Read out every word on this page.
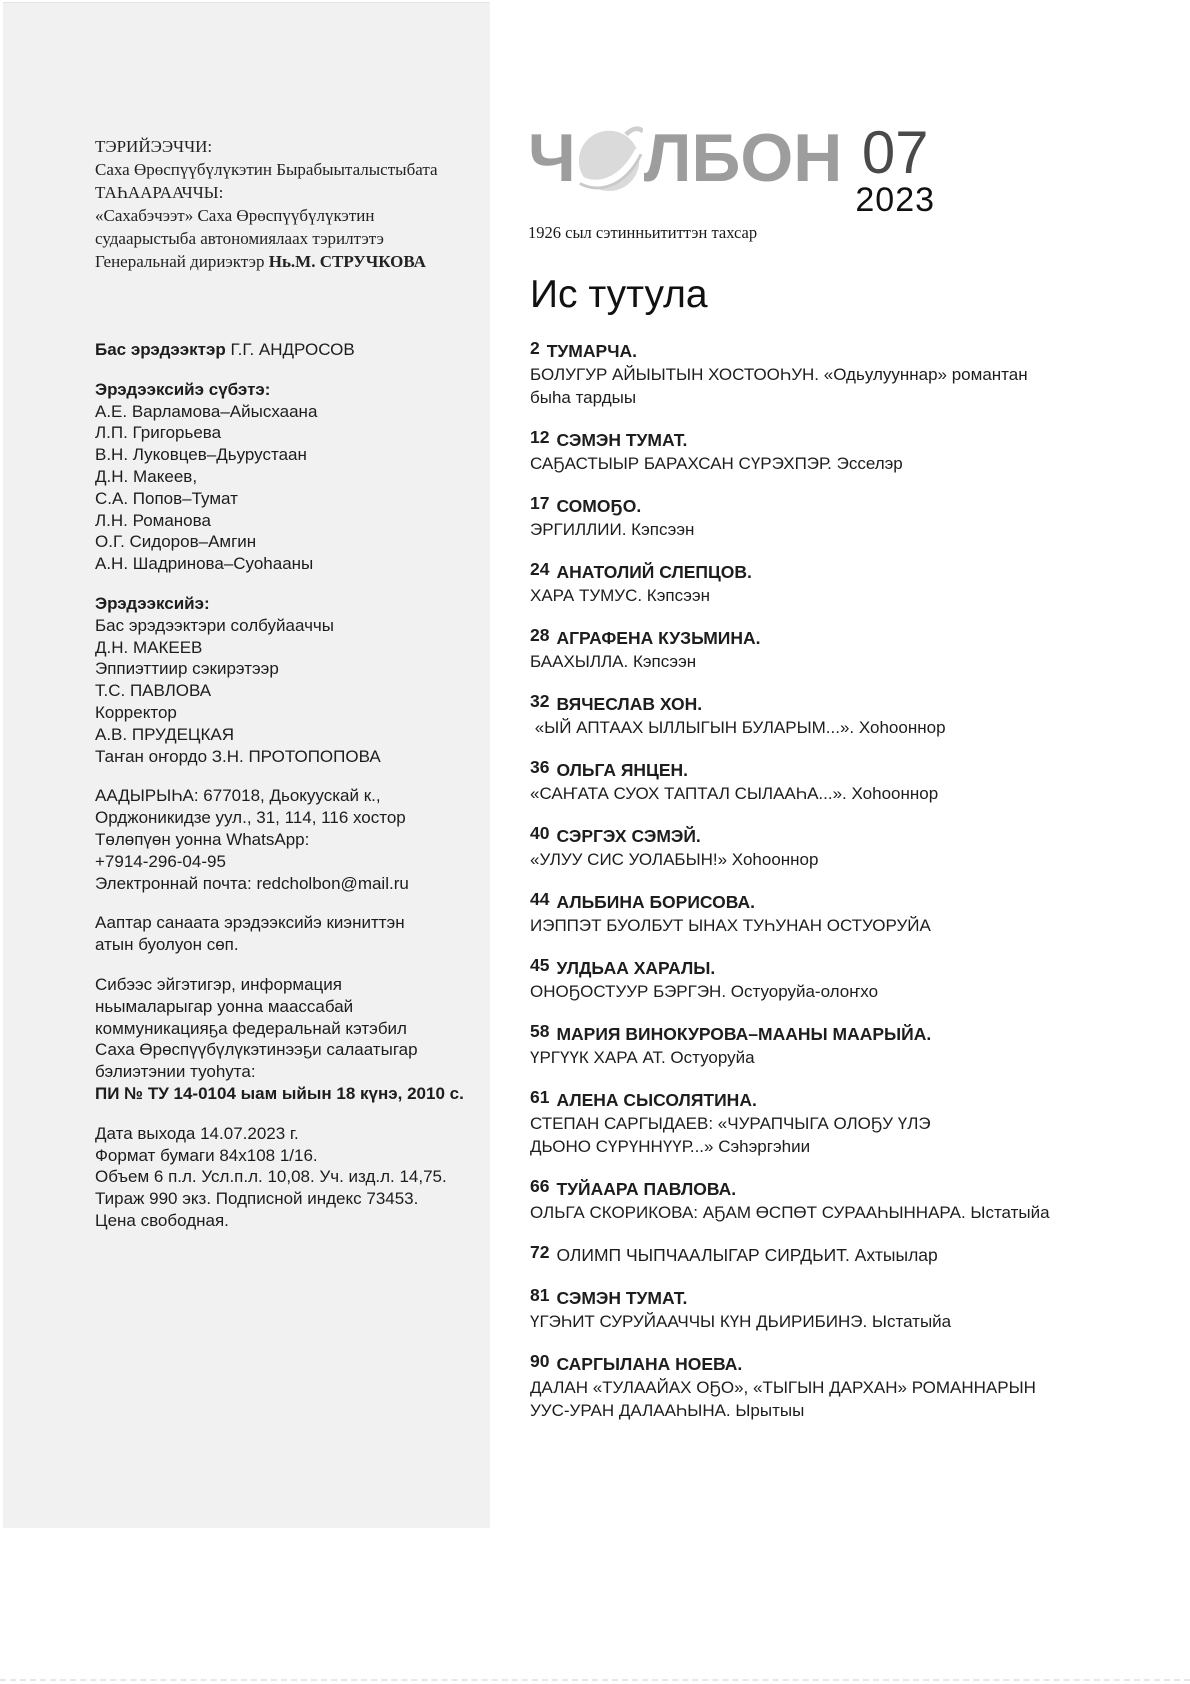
ТЭРИЙЭЭЧЧИ:

Саха Өрөспүүбүлүкэтин Бырабыыталыстыбата

ТАҺААРААЧЧЫ:

«Сахабэчээт» Саха Өрөспүүбүлүкэтин

судаарыстыба автономиялаах тэрилтэтэ

Генеральнай дириэктэр Нь.М. СТРУЧКОВА

Бас эрэдээктэр Г.Г. АНДРОСОВ

Эрэдээксийэ сүбэтэ:

А.Е. Варламова–Айысхаана

Л.П. Григорьева

В.Н. Луковцев–Дьурустаан

Д.Н. Макеев,

С.А. Попов–Тумат

Л.Н. Романова

О.Г. Сидоров–Амгин

А.Н. Шадринова–Суоһааны

Эрэдээксийэ:

Бас эрэдээктэри солбуйааччы

Д.Н. МАКЕЕВ

Эппиэттиир сэкирэтээр

Т.С. ПАВЛОВА

Корректор

А.В. ПРУДЕЦКАЯ

Таҥан оҥордо З.Н. ПРОТОПОПОВА

ААДЫРЫҺА: 677018, Дьокуускай к.,

Орджоникидзе уул., 31, 114, 116 хостор

Төлөпүөн уонна WhatsApp:

+7914-296-04-95

Электроннай почта: redcholbon@mail.ru

Ааптар санаата эрэдээксийэ киэниттэн

атын буолуон сөп.

Сибээс эйгэтигэр, информация

ньымаларыгар уонна маассабай

коммуникацияҕа федеральнай кэтэбил

Саха Өрөспүүбүлүкэтинээҕи салаатыгар

бэлиэтэнии туоһута:

ПИ № ТУ 14-0104 ыам ыйын 18 күнэ, 2010 с.

Дата выхода 14.07.2023 г.

Формат бумаги 84х108 1/16.

Объем 6 п.л. Усл.п.л. 10,08. Уч. изд.л. 14,75.

Тираж 990 экз. Подписной индекс 73453.

Цена свободная.

Ч ЛБОН 07
2023
1926 сыл сэтинньититтэн тахсар
Ис тутула

2 ТУМАРЧА.

БОЛУГУР АЙЫЫТЫН ХОСТООҺУН. «Одьулууннар» романтан

быһа тардыы

12 СЭМЭН ТУМАТ.

САҔАСТЫЫР БАРАХСАН СҮРЭХПЭР. Эсселэр

17 СОМОҔО.

ЭРГИЛЛИИ. Кэпсээн

24 АНАТОЛИЙ СЛЕПЦОВ.

ХАРА ТУМУС. Кэпсээн

28 АГРАФЕНА КУЗЬМИНА.

БААХЫЛЛА. Кэпсээн

32 ВЯЧЕСЛАВ ХОН.

«ЫЙ АПТААХ ЫЛЛЫГЫН БУЛАРЫМ...». Хоһооннор

36 ОЛЬГА ЯНЦЕН.

«САҤАТА СУОХ ТАПТАЛ СЫЛААҺА...». Хоһооннор

40 СЭРГЭХ СЭМЭЙ.

«УЛУУ СИС УОЛАБЫН!» Хоһооннор

44 АЛЬБИНА БОРИСОВА.

ИЭППЭТ БУОЛБУТ ЫНАХ ТУҺУНАН ОСТУОРУЙА

45 УЛДЬАА ХАРАЛЫ.

ОНОҔОСТУУР БЭРГЭН. Остуоруйа-олоҥхо

58 МАРИЯ ВИНОКУРОВА–МААНЫ МААРЫЙА.

ҮРГҮҮК ХАРА АТ. Остуоруйа

61 АЛЕНА СЫСОЛЯТИНА.

СТЕПАН САРГЫДАЕВ: «ЧУРАПЧЫГА ОЛОҔУ ҮЛЭ

ДЬОНО СҮРҮННҮҮР...» Сэһэргэһии

66 ТУЙААРА ПАВЛОВА.

ОЛЬГА СКОРИКОВА: АҔАМ ӨСПӨТ СУРААҺЫННАРА. Ыстатыйа

72 ОЛИМП ЧЫПЧААЛЫГАР СИРДЬИТ. Ахтыылар

81 СЭМЭН ТУМАТ.

ҮГЭҺИТ СУРУЙААЧЧЫ КҮН ДЬИРИБИНЭ. Ыстатыйа

90 САРГЫЛАНА НОЕВА.

ДАЛАН «ТУЛААЙАХ ОҔО», «ТЫГЫН ДАРХАН» РОМАННАРЫН

УУС-УРАН ДАЛААҺЫНА. Ырытыы
